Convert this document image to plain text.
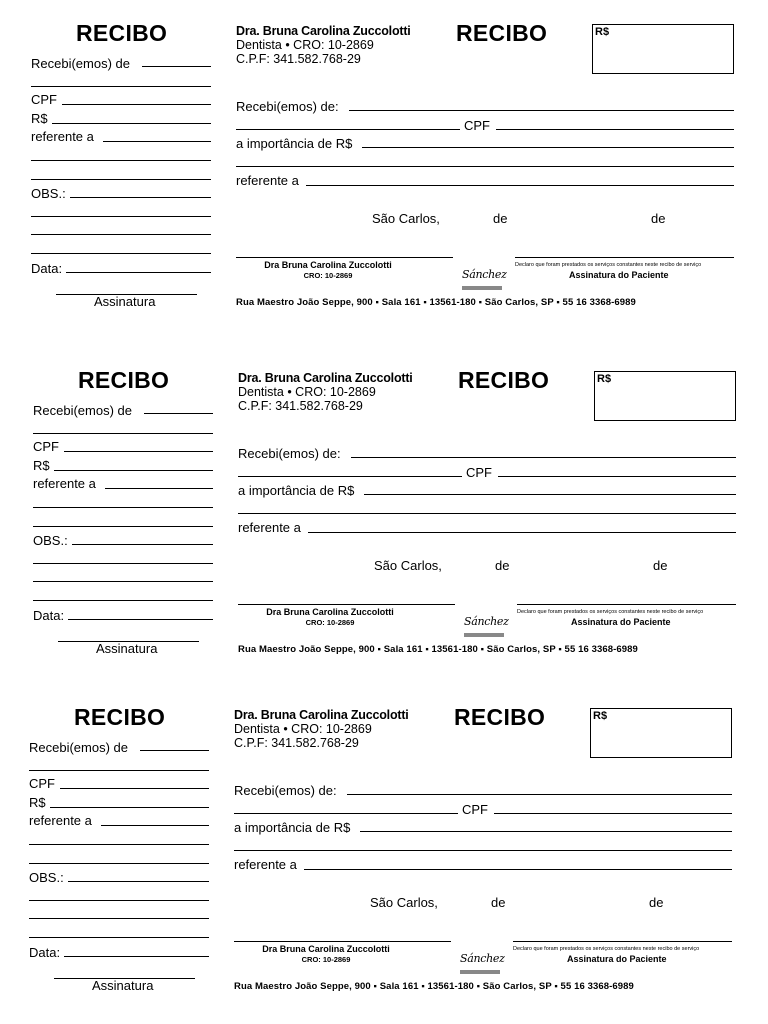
RECIBO
Recebi(emos) de
CPF
R$
referente a
OBS.:
Data:
Assinatura
Dra. Bruna Carolina Zuccolotti
Dentista • CRO: 10-2869
C.P.F: 341.582.768-29
RECIBO	R$
Recebi(emos) de:
CPF
a importância de R$
referente a
São Carlos,	de	de
Dra Bruna Carolina Zuccolotti
CRO: 10-2869	Sánchez
Declaro que foram prestados os serviços constantes neste recibo de serviço
Assinatura do Paciente
Rua Maestro João Seppe, 900 ▪ Sala 161 ▪ 13561-180 ▪ São Carlos, SP ▪ 55 16 3368-6989
RECIBO
Recebi(emos) de
CPF
R$
referente a
OBS.:
Data:
Assinatura
Dra. Bruna Carolina Zuccolotti
Dentista • CRO: 10-2869
C.P.F: 341.582.768-29
RECIBO	R$
Recebi(emos) de:
CPF
a importância de R$
referente a
São Carlos,	de	de
Dra Bruna Carolina Zuccolotti
CRO: 10-2869	Sánchez
Declaro que foram prestados os serviços constantes neste recibo de serviço
Assinatura do Paciente
Rua Maestro João Seppe, 900 ▪ Sala 161 ▪ 13561-180 ▪ São Carlos, SP ▪ 55 16 3368-6989
RECIBO
Recebi(emos) de
CPF
R$
referente a
OBS.:
Data:
Assinatura
Dra. Bruna Carolina Zuccolotti
Dentista • CRO: 10-2869
C.P.F: 341.582.768-29
RECIBO	R$
Recebi(emos) de:
CPF
a importância de R$
referente a
São Carlos,	de	de
Dra Bruna Carolina Zuccolotti
CRO: 10-2869	Sánchez
Declaro que foram prestados os serviços constantes neste recibo de serviço
Assinatura do Paciente
Rua Maestro João Seppe, 900 ▪ Sala 161 ▪ 13561-180 ▪ São Carlos, SP ▪ 55 16 3368-6989
